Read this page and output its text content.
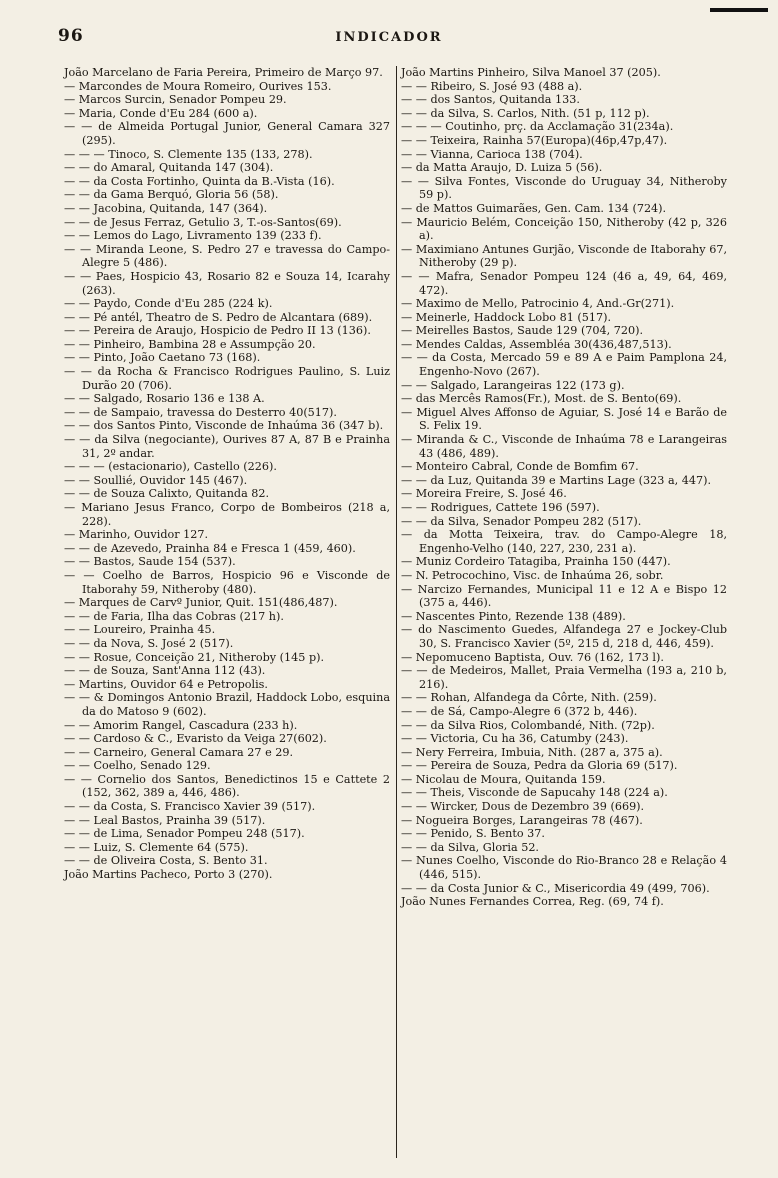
96	INDICADOR

João Marcelano de Faria Pereira, Primeiro de Março 97.

— Marcondes de Moura Romeiro, Ourives 153.

— Marcos Surcin, Senador Pompeu 29.

— Maria, Conde d'Eu 284 (600 a).

— — de Almeida Portugal Junior, General Camara 327 (295).

— — — Tinoco, S. Clemente 135 (133, 278).

— — do Amaral, Quitanda 147 (304).

— — da Costa Fortinho, Quinta da B.-Vista (16).

— — da Gama Berquó, Gloria 56 (58).

— — Jacobina, Quitanda, 147 (364).

— — de Jesus Ferraz, Getulio 3, T.-os-Santos(69).

— — Lemos do Lago, Livramento 139 (233 f).

— — Miranda Leone, S. Pedro 27 e travessa do Campo-Alegre 5 (486).

— — Paes, Hospicio 43, Rosario 82 e Souza 14, Icarahy (263).

— — Paydo, Conde d'Eu 285 (224 k).

— — Pé antél, Theatro de S. Pedro de Alcantara (689).

— — Pereira de Araujo, Hospicio de Pedro II 13 (136).

— — Pinheiro, Bambina 28 e Assumpção 20.

— — Pinto, João Caetano 73 (168).

— — da Rocha & Francisco Rodrigues Paulino, S. Luiz Durão 20 (706).

— — Salgado, Rosario 136 e 138 A.

— — de Sampaio, travessa do Desterro 40(517).

— — dos Santos Pinto, Visconde de Inhaúma 36 (347 b).

— — da Silva (negociante), Ourives 87 A, 87 B e Prainha 31, 2º andar.

— — — (estacionario), Castello (226).

— — Soullié, Ouvidor 145 (467).

— — de Souza Calixto, Quitanda 82.

— Mariano Jesus Franco, Corpo de Bombeiros (218 a, 228).

— Marinho, Ouvidor 127.

— — de Azevedo, Prainha 84 e Fresca 1 (459, 460).

— — Bastos, Saude 154 (537).

— — Coelho de Barros, Hospicio 96 e Visconde de Itaborahy 59, Nitheroby (480).

— Marques de Carvº Junior, Quit. 151(486,487).

— — de Faria, Ilha das Cobras (217 h).

— — Loureiro, Prainha 45.

— — da Nova, S. José 2 (517).

— — Rosue, Conceição 21, Nitheroby (145 p).

— — de Souza, Sant'Anna 112 (43).

— Martins, Ouvidor 64 e Petropolis.

— — & Domingos Antonio Brazil, Haddock Lobo, esquina da do Matoso 9 (602).

— — Amorim Rangel, Cascadura (233 h).

— — Cardoso & C., Evaristo da Veiga 27(602).

— — Carneiro, General Camara 27 e 29.

— — Coelho, Senado 129.

— — Cornelio dos Santos, Benedictinos 15 e Cattete 2 (152, 362, 389 a, 446, 486).

— — da Costa, S. Francisco Xavier 39 (517).

— — Leal Bastos, Prainha 39 (517).

— — de Lima, Senador Pompeu 248 (517).

— — Luiz, S. Clemente 64 (575).

— — de Oliveira Costa, S. Bento 31.

João Martins Pacheco, Porto 3 (270).

João Martins Pinheiro, Silva Manoel 37 (205).

— — Ribeiro, S. José 93 (488 a).

— — dos Santos, Quitanda 133.

— — da Silva, S. Carlos, Nith. (51 p, 112 p).

— — — Coutinho, prç. da Acclamação 31(234a).

— — Teixeira, Rainha 57(Europa)(46p,47p,47).

— — Vianna, Carioca 138 (704).

— da Matta Araujo, D. Luiza 5 (56).

— — Silva Fontes, Visconde do Uruguay 34, Nitheroby 59 p).

— de Mattos Guimarães, Gen. Cam. 134 (724).

— Mauricio Belém, Conceição 150, Nitheroby (42 p, 326 a).

— Maximiano Antunes Gurjão, Visconde de Itaborahy 67, Nitheroby (29 p).

— — Mafra, Senador Pompeu 124 (46 a, 49, 64, 469, 472).

— Maximo de Mello, Patrocinio 4, And.-Gr(271).

— Meinerle, Haddock Lobo 81 (517).

— Meirelles Bastos, Saude 129 (704, 720).

— Mendes Caldas, Assembléa 30(436,487,513).

— — da Costa, Mercado 59 e 89 A e Paim Pamplona 24, Engenho-Novo (267).

— — Salgado, Larangeiras 122 (173 g).

— das Mercês Ramos(Fr.), Most. de S. Bento(69).

— Miguel Alves Affonso de Aguiar, S. José 14 e Barão de S. Felix 19.

— Miranda & C., Visconde de Inhaúma 78 e Larangeiras 43 (486, 489).

— Monteiro Cabral, Conde de Bomfim 67.

— — da Luz, Quitanda 39 e Martins Lage (323 a, 447).

— Moreira Freire, S. José 46.

— — Rodrigues, Cattete 196 (597).

— — da Silva, Senador Pompeu 282 (517).

— da Motta Teixeira, trav. do Campo-Alegre 18, Engenho-Velho (140, 227, 230, 231 a).

— Muniz Cordeiro Tatagiba, Prainha 150 (447).

— N. Petrocochino, Visc. de Inhaúma 26, sobr.

— Narcizo Fernandes, Municipal 11 e 12 A e Bispo 12 (375 a, 446).

— Nascentes Pinto, Rezende 138 (489).

— do Nascimento Guedes, Alfandega 27 e Jockey-Club 30, S. Francisco Xavier (5º, 215 d, 218 d, 446, 459).

— Nepomuceno Baptista, Ouv. 76 (162, 173 l).

— — de Medeiros, Mallet, Praia Vermelha (193 a, 210 b, 216).

— — Rohan, Alfandega da Côrte, Nith. (259).

— — de Sá, Campo-Alegre 6 (372 b, 446).

— — da Silva Rios, Colombandé, Nith. (72p).

— — Victoria, Cu ha 36, Catumby (243).

— Nery Ferreira, Imbuia, Nith. (287 a, 375 a).

— — Pereira de Souza, Pedra da Gloria 69 (517).

— Nicolau de Moura, Quitanda 159.

— — Theis, Visconde de Sapucahy 148 (224 a).

— — Wircker, Dous de Dezembro 39 (669).

— Nogueira Borges, Larangeiras 78 (467).

— — Penido, S. Bento 37.

— — da Silva, Gloria 52.

— Nunes Coelho, Visconde do Rio-Branco 28 e Relação 4 (446, 515).

— — da Costa Junior & C., Misericordia 49 (499, 706).

João Nunes Fernandes Correa, Reg. (69, 74 f).
